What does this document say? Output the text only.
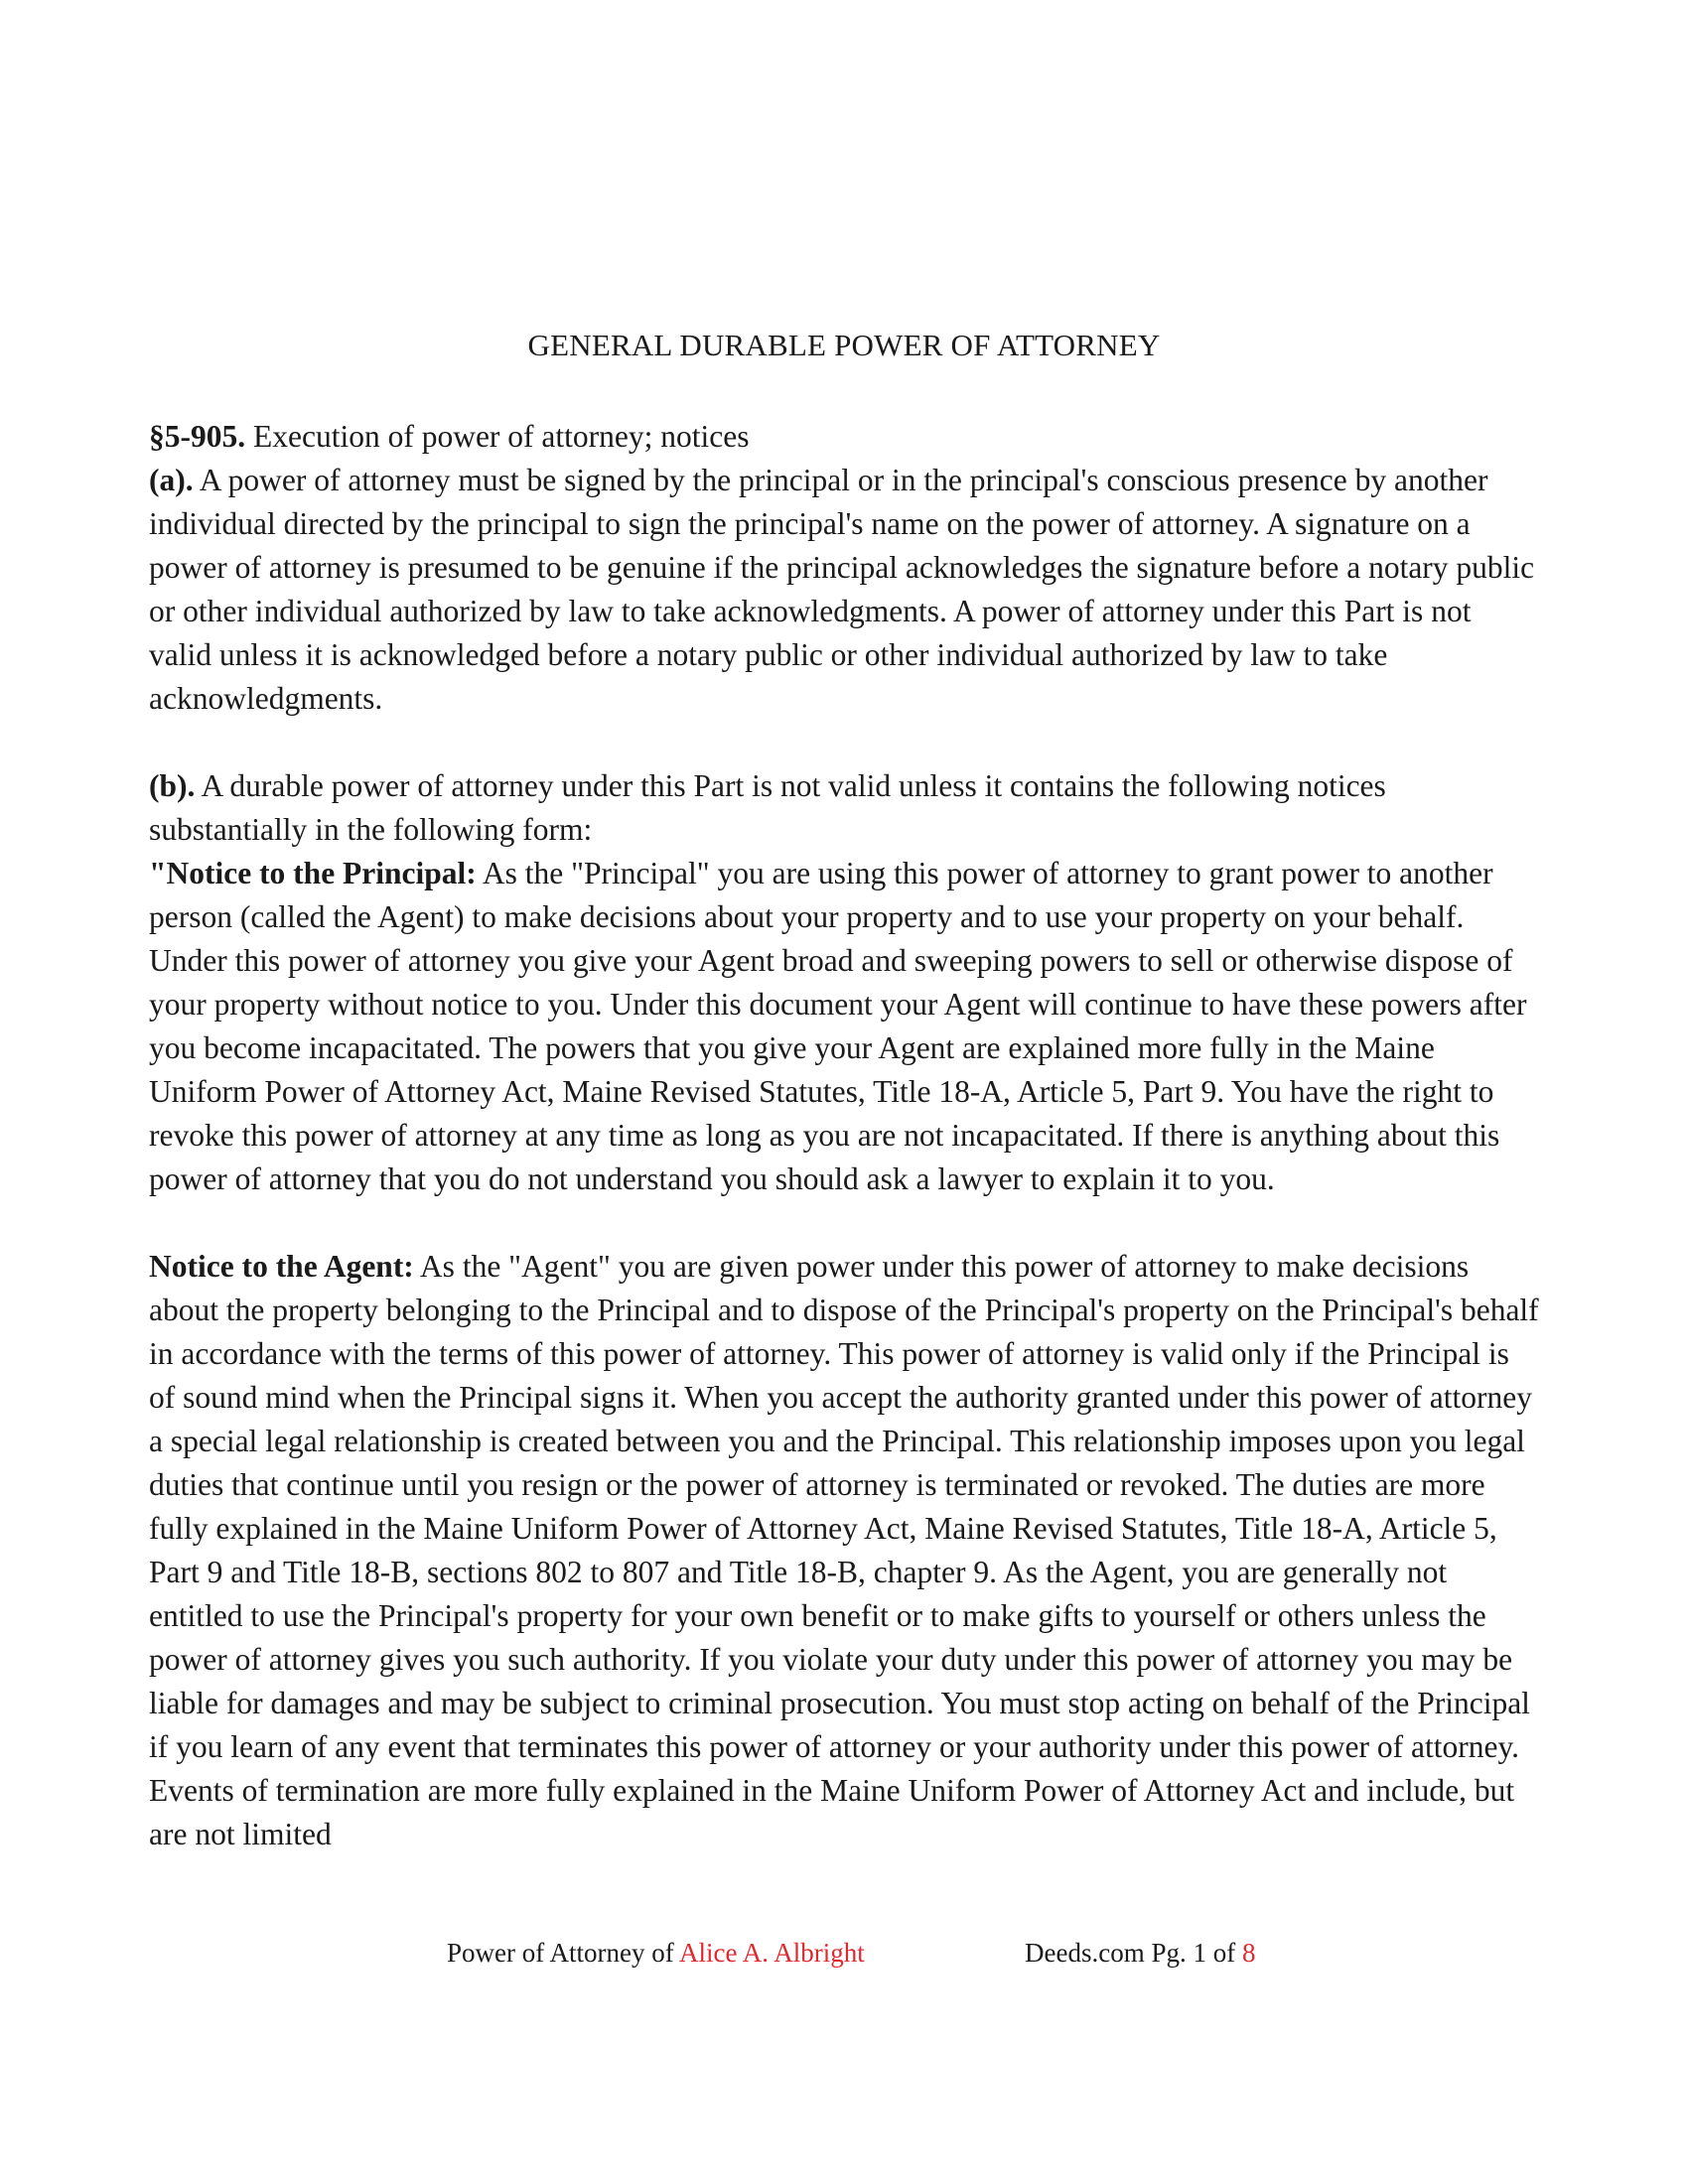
GENERAL DURABLE POWER OF ATTORNEY

§5-905. Execution of power of attorney; notices

(a). A power of attorney must be signed by the principal or in the principal's conscious presence by another individual directed by the principal to sign the principal's name on the power of attorney. A signature on a power of attorney is presumed to be genuine if the principal acknowledges the signature before a notary public or other individual authorized by law to take acknowledgments. A power of attorney under this Part is not valid unless it is acknowledged before a notary public or other individual authorized by law to take acknowledgments.

(b). A durable power of attorney under this Part is not valid unless it contains the following notices substantially in the following form:

"Notice to the Principal: As the "Principal" you are using this power of attorney to grant power to another person (called the Agent) to make decisions about your property and to use your property on your behalf. Under this power of attorney you give your Agent broad and sweeping powers to sell or otherwise dispose of your property without notice to you. Under this document your Agent will continue to have these powers after you become incapacitated. The powers that you give your Agent are explained more fully in the Maine Uniform Power of Attorney Act, Maine Revised Statutes, Title 18-A, Article 5, Part 9. You have the right to revoke this power of attorney at any time as long as you are not incapacitated. If there is anything about this power of attorney that you do not understand you should ask a lawyer to explain it to you.

Notice to the Agent: As the "Agent" you are given power under this power of attorney to make decisions about the property belonging to the Principal and to dispose of the Principal's property on the Principal's behalf in accordance with the terms of this power of attorney. This power of attorney is valid only if the Principal is of sound mind when the Principal signs it. When you accept the authority granted under this power of attorney a special legal relationship is created between you and the Principal. This relationship imposes upon you legal duties that continue until you resign or the power of attorney is terminated or revoked. The duties are more fully explained in the Maine Uniform Power of Attorney Act, Maine Revised Statutes, Title 18-A, Article 5, Part 9 and Title 18-B, sections 802 to 807 and Title 18-B, chapter 9. As the Agent, you are generally not entitled to use the Principal's property for your own benefit or to make gifts to yourself or others unless the power of attorney gives you such authority. If you violate your duty under this power of attorney you may be liable for damages and may be subject to criminal prosecution. You must stop acting on behalf of the Principal if you learn of any event that terminates this power of attorney or your authority under this power of attorney. Events of termination are more fully explained in the Maine Uniform Power of Attorney Act and include, but are not limited

Power of Attorney of Alice A. Albright	Deeds.com Pg. 1 of 8
